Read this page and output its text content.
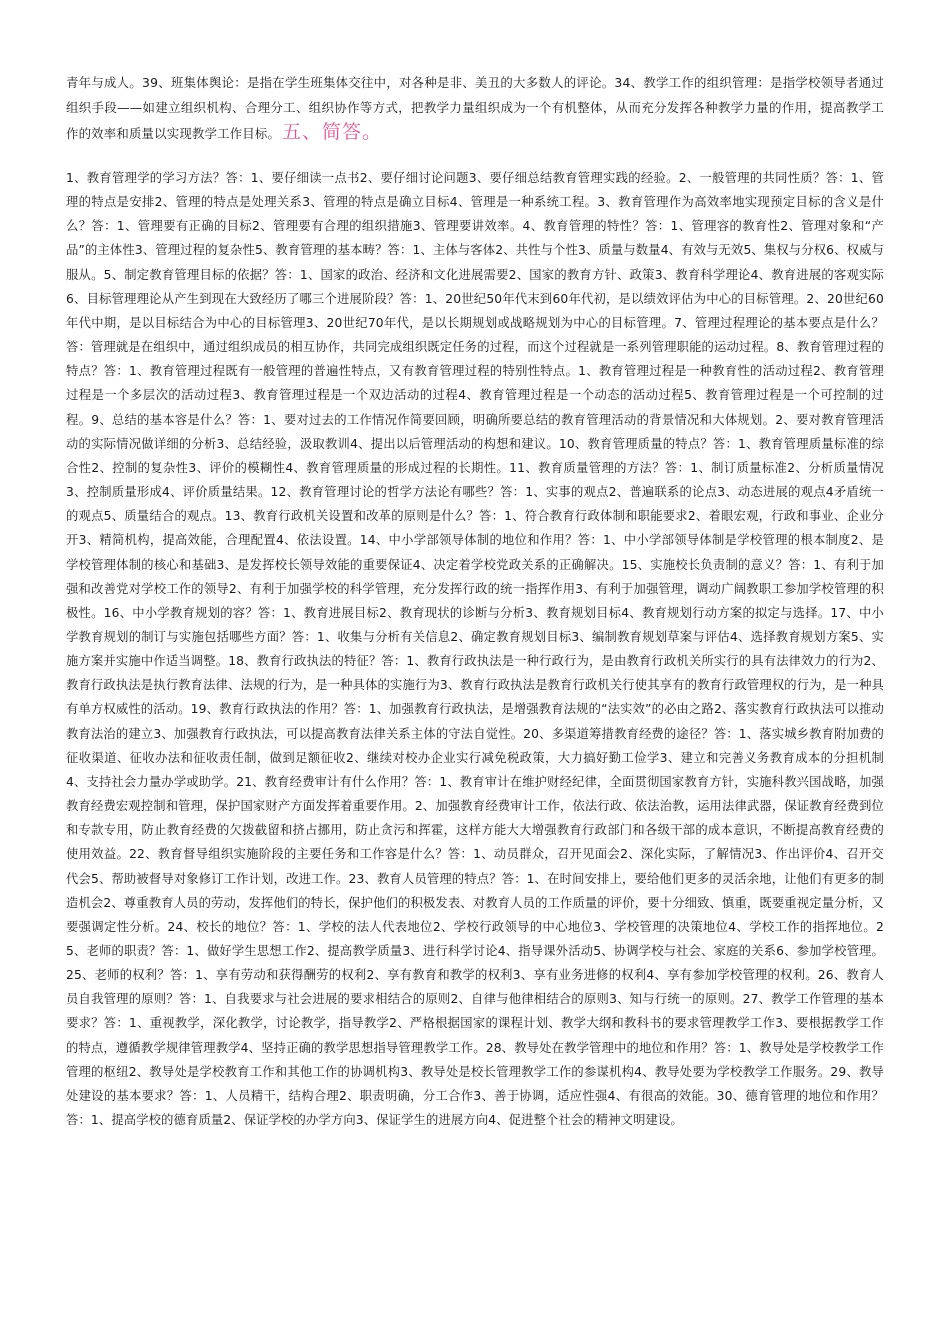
青年与成人。39、班集体舆论：是指在学生班集体交往中，对各种是非、美丑的大多数人的评论。34、教学工作的组织管理：是指学校领导者通过组织手段——如建立组织机构、合理分工、组织协作等方式，把教学力量组织成为一个有机整体，从而充分发挥各种教学力量的作用，提高教学工作的效率和质量以实现教学工作目标。 五、简答。

1、教育管理学的学习方法？答：1、要仔细读一点书2、要仔细讨论问题3、要仔细总结教育管理实践的经验。2、一般管理的共同性质？答：1、管理的特点是安排2、管理的特点是处理关系3、管理的特点是确立目标4、管理是一种系统工程。3、教育管理作为高效率地实现预定目标的含义是什么？答：1、管理要有正确的目标2、管理要有合理的组织措施3、管理要讲效率。4、教育管理的特性？答：1、管理容的教育性2、管理对象和“产品”的主体性3、管理过程的复杂性5、教育管理的基本畴？答：1、主体与客体2、共性与个性3、质量与数量4、有效与无效5、集权与分权6、权威与服从。5、制定教育管理目标的依据？答：1、国家的政治、经济和文化进展需要2、国家的教育方针、政策3、教育科学理论4、教育进展的客观实际6、目标管理理论从产生到现在大致经历了哪三个进展阶段？答：1、20世纪50年代末到60年代初，是以绩效评估为中心的目标管理。2、20世纪60年代中期，是以目标结合为中心的目标管理3、20世纪70年代，是以长期规划或战略规划为中心的目标管理。7、管理过程理论的基本要点是什么？答：管理就是在组织中，通过组织成员的相互协作，共同完成组织既定任务的过程，而这个过程就是一系列管理职能的运动过程。8、教育管理过程的特点？答：1、教育管理过程既有一般管理的普遍性特点，又有教育管理过程的特别性特点。1、教育管理过程是一种教育性的活动过程2、教育管理过程是一个多层次的活动过程3、教育管理过程是一个双边活动的过程4、教育管理过程是一个动态的活动过程5、教育管理过程是一个可控制的过程。9、总结的基本容是什么？答：1、要对过去的工作情况作简要回顾，明确所要总结的教育管理活动的背景情况和大体规划。2、要对教育管理活动的实际情况做详细的分析3、总结经验，汲取教训4、提出以后管理活动的构想和建议。10、教育管理质量的特点？答：1、教育管理质量标准的综合性2、控制的复杂性3、评价的模糊性4、教育管理质量的形成过程的长期性。11、教育质量管理的方法？答：1、制订质量标准2、分析质量情况3、控制质量形成4、评价质量结果。12、教育管理讨论的哲学方法论有哪些？答：1、实事的观点2、普遍联系的论点3、动态进展的观点4矛盾统一的观点5、质量结合的观点。13、教育行政机关设置和改革的原则是什么？答：1、符合教育行政体制和职能要求2、着眼宏观，行政和事业、企业分开3、精简机构，提高效能，合理配置4、依法设置。14、中小学部领导体制的地位和作用？答：1、中小学部领导体制是学校管理的根本制度2、是学校管理体制的核心和基础3、是发挥校长领导效能的重要保证4、决定着学校党政关系的正确解决。15、实施校长负责制的意义？答：1、有利于加强和改善党对学校工作的领导2、有利于加强学校的科学管理，充分发挥行政的统一指挥作用3、有利于加强管理，调动广阔教职工参加学校管理的积极性。16、中小学教育规划的容？答：1、教育进展目标2、教育现状的诊断与分析3、教育规划目标4、教育规划行动方案的拟定与选择。17、中小学教育规划的制订与实施包括哪些方面？答：1、收集与分析有关信息2、确定教育规划目标3、编制教育规划草案与评估4、选择教育规划方案5、实施方案并实施中作适当调整。18、教育行政执法的特征？答：1、教育行政执法是一种行政行为，是由教育行政机关所实行的具有法律效力的行为2、教育行政执法是执行教育法律、法规的行为，是一种具体的实施行为3、教育行政执法是教育行政机关行使其享有的教育行政管理权的行为，是一种具有单方权威性的活动。19、教育行政执法的作用？答：1、加强教育行政执法，是增强教育法规的“法实效”的必由之路2、落实教育行政执法可以推动教育法治的建立3、加强教育行政执法，可以提高教育法律关系主体的守法自觉性。20、多渠道筹措教育经费的途径？答：1、落实城乡教育附加费的征收渠道、征收办法和征收责任制，做到足额征收2、继续对校办企业实行减免税政策，大力搞好勤工俭学3、建立和完善义务教育成本的分担机制4、支持社会力量办学或助学。21、教育经费审计有什么作用？答：1、教育审计在维护财经纪律，全面贯彻国家教育方针，实施科教兴国战略，加强教育经费宏观控制和管理，保护国家财产方面发挥着重要作用。2、加强教育经费审计工作，依法行政、依法治教，运用法律武器，保证教育经费到位和专款专用，防止教育经费的欠拨截留和挤占挪用，防止贪污和挥霍，这样方能大大增强教育行政部门和各级干部的成本意识，不断提高教育经费的使用效益。22、教育督导组织实施阶段的主要任务和工作容是什么？答：1、动员群众，召开见面会2、深化实际，了解情况3、作出评价4、召开交代会5、帮助被督导对象修订工作计划，改进工作。23、教育人员管理的特点？答：1、在时间安排上，要给他们更多的灵活余地，让他们有更多的制造机会2、尊重教育人员的劳动，发挥他们的特长，保护他们的积极发表、对教育人员的工作质量的评价，要十分细致、慎重，既要重视定量分析，又要强调定性分析。24、校长的地位？答：1、学校的法人代表地位2、学校行政领导的中心地位3、学校管理的决策地位4、学校工作的指挥地位。25、老师的职责？答：1、做好学生思想工作2、提高教学质量3、进行科学讨论4、指导课外活动5、协调学校与社会、家庭的关系6、参加学校管理。25、老师的权利？答：1、享有劳动和获得酬劳的权利2、享有教育和教学的权利3、享有业务进修的权利4、享有参加学校管理的权利。26、教育人员自我管理的原则？答：1、自我要求与社会进展的要求相结合的原则2、自律与他律相结合的原则3、知与行统一的原则。27、教学工作管理的基本要求？答：1、重视教学，深化教学，讨论教学，指导教学2、严格根据国家的课程计划、教学大纲和教科书的要求管理教学工作3、要根据教学工作的特点，遵循教学规律管理教学4、坚持正确的教学思想指导管理教学工作。28、教导处在教学管理中的地位和作用？答：1、教导处是学校教学工作管理的枢纽2、教导处是学校教育工作和其他工作的协调机构3、教导处是校长管理教学工作的参谋机构4、教导处要为学校教学工作服务。29、教导处建设的基本要求？答：1、人员精干，结构合理2、职责明确，分工合作3、善于协调，适应性强4、有很高的效能。30、德育管理的地位和作用？答：1、提高学校的德育质量2、保证学校的办学方向3、保证学生的进展方向4、促进整个社会的精神文明建设。
